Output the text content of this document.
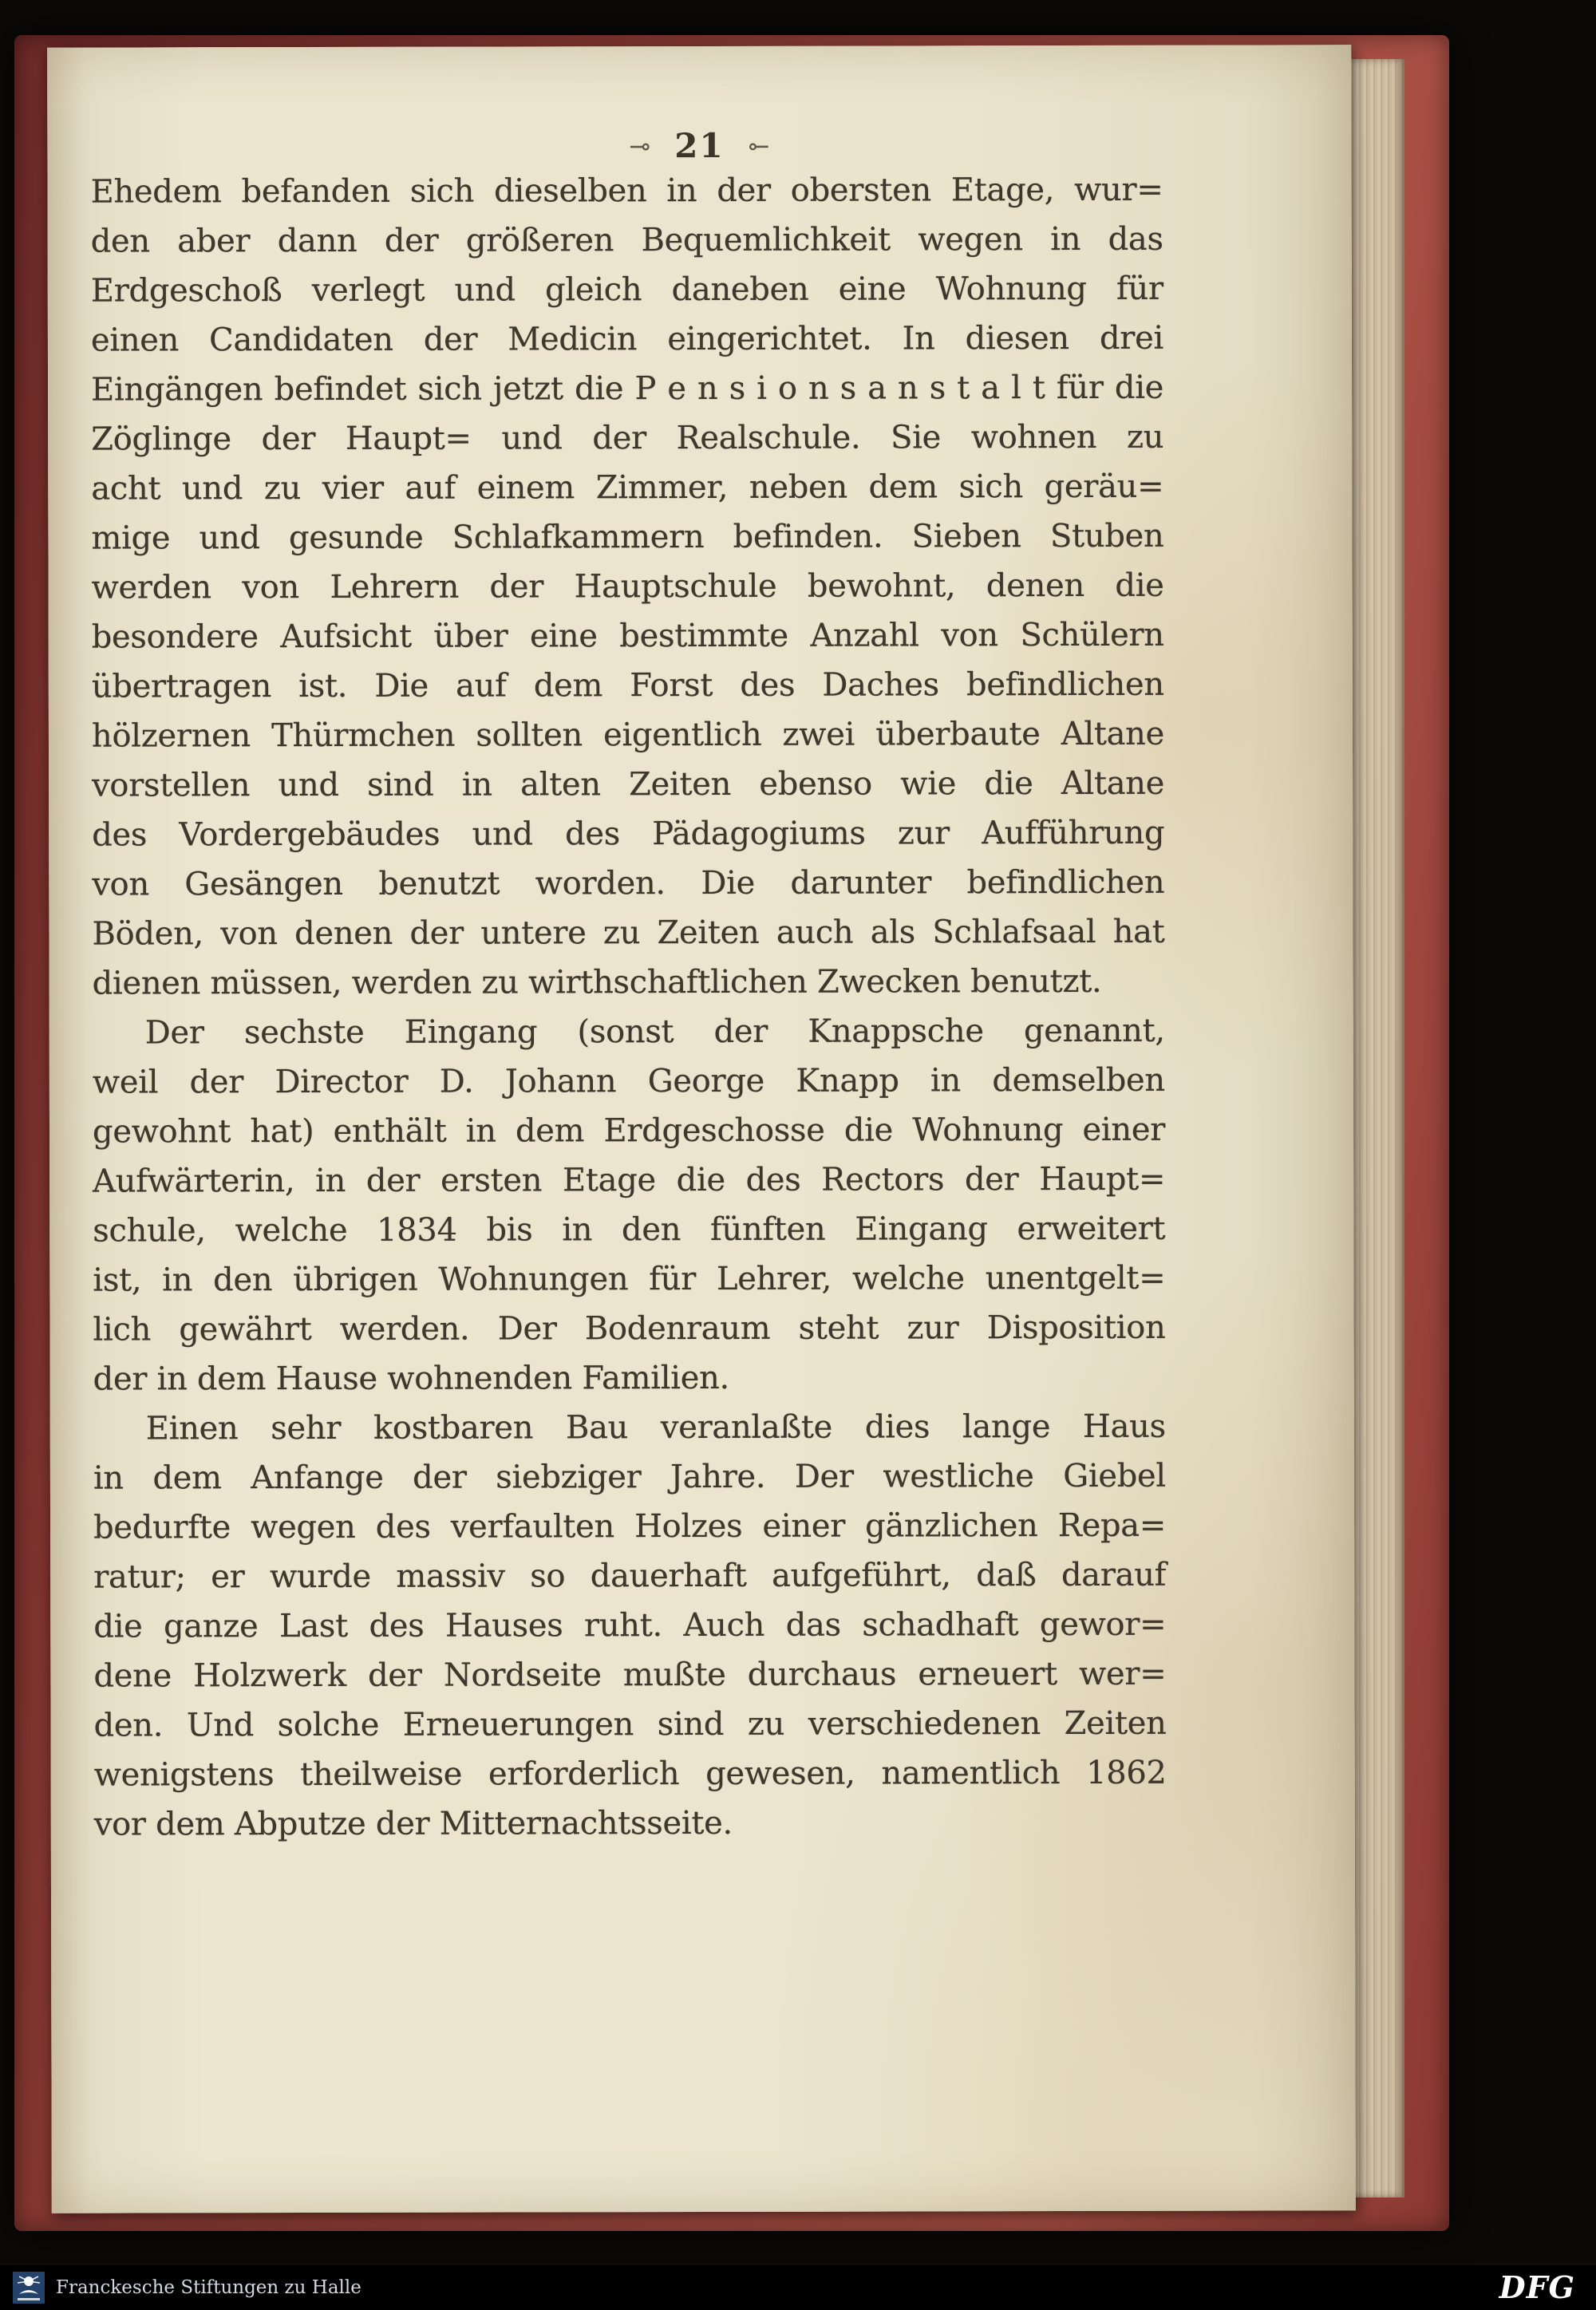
⊸ 21 ⊸
Ehedem befanden sich dieselben in der obersten Etage, wur=
den aber dann der größeren Bequemlichkeit wegen in das
Erdgeschoß verlegt und gleich daneben eine Wohnung für
einen Candidaten der Medicin eingerichtet. In diesen drei
Eingängen befindet sich jetzt die P e n s i o n s a n s t a l t für die
Zöglinge der Haupt= und der Realschule. Sie wohnen zu
acht und zu vier auf einem Zimmer, neben dem sich geräu=
mige und gesunde Schlafkammern befinden. Sieben Stuben
werden von Lehrern der Hauptschule bewohnt, denen die
besondere Aufsicht über eine bestimmte Anzahl von Schülern
übertragen ist. Die auf dem Forst des Daches befindlichen
hölzernen Thürmchen sollten eigentlich zwei überbaute Altane
vorstellen und sind in alten Zeiten ebenso wie die Altane
des Vordergebäudes und des Pädagogiums zur Aufführung
von Gesängen benutzt worden. Die darunter befindlichen
Böden, von denen der untere zu Zeiten auch als Schlafsaal hat
dienen müssen, werden zu wirthschaftlichen Zwecken benutzt.
Der sechste Eingang (sonst der Knappsche genannt,
weil der Director D. Johann George Knapp in demselben
gewohnt hat) enthält in dem Erdgeschosse die Wohnung einer
Aufwärterin, in der ersten Etage die des Rectors der Haupt=
schule, welche 1834 bis in den fünften Eingang erweitert
ist, in den übrigen Wohnungen für Lehrer, welche unentgelt=
lich gewährt werden. Der Bodenraum steht zur Disposition
der in dem Hause wohnenden Familien.
Einen sehr kostbaren Bau veranlaßte dies lange Haus
in dem Anfange der siebziger Jahre. Der westliche Giebel
bedurfte wegen des verfaulten Holzes einer gänzlichen Repa=
ratur; er wurde massiv so dauerhaft aufgeführt, daß darauf
die ganze Last des Hauses ruht. Auch das schadhaft gewor=
dene Holzwerk der Nordseite mußte durchaus erneuert wer=
den. Und solche Erneuerungen sind zu verschiedenen Zeiten
wenigstens theilweise erforderlich gewesen, namentlich 1862
vor dem Abputze der Mitternachtsseite.
Franckesche Stiftungen zu Halle	DFG
